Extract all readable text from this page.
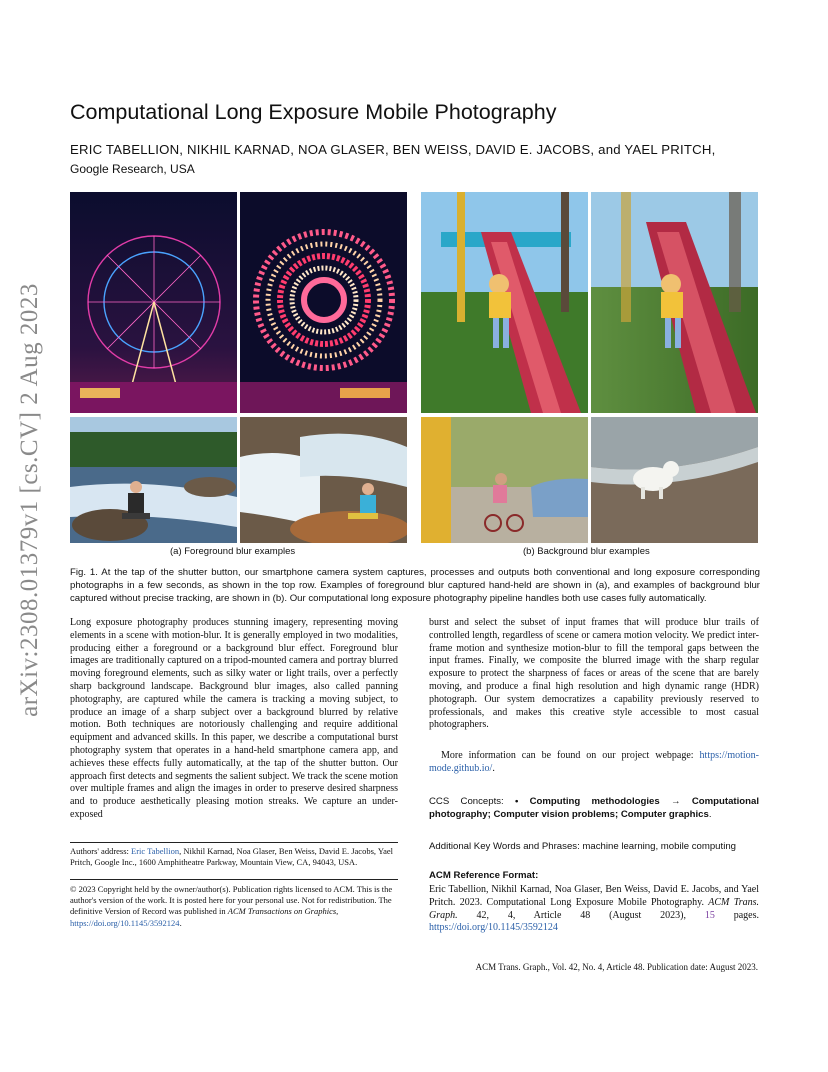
arXiv:2308.01379v1 [cs.CV] 2 Aug 2023
Computational Long Exposure Mobile Photography
ERIC TABELLION, NIKHIL KARNAD, NOA GLASER, BEN WEISS, DAVID E. JACOBS, and YAEL PRITCH,
Google Research, USA
(a) Foreground blur examples	(b) Background blur examples
Fig. 1. At the tap of the shutter button, our smartphone camera system captures, processes and outputs both conventional and long exposure corresponding photographs in a few seconds, as shown in the top row. Examples of foreground blur captured hand-held are shown in (a), and examples of background blur captured without precise tracking, are shown in (b). Our computational long exposure photography pipeline handles both use cases fully automatically.

Long exposure photography produces stunning imagery, representing moving elements in a scene with motion-blur. It is generally employed in two modalities, producing either a foreground or a background blur effect. Foreground blur images are traditionally captured on a tripod-mounted camera and portray blurred moving foreground elements, such as silky water or light trails, over a perfectly sharp background landscape. Background blur images, also called panning photography, are captured while the camera is tracking a moving subject, to produce an image of a sharp subject over a background blurred by relative motion. Both techniques are notoriously challenging and require additional equipment and advanced skills. In this paper, we describe a computational burst photography system that operates in a hand-held smartphone camera app, and achieves these effects fully automatically, at the tap of the shutter button. Our approach first detects and segments the salient subject. We track the scene motion over multiple frames and align the images in order to preserve desired sharpness and to produce aesthetically pleasing motion streaks. We capture an under-exposed

Authors' address: Eric Tabellion, Nikhil Karnad, Noa Glaser, Ben Weiss, David E. Jacobs, Yael Pritch, Google Inc., 1600 Amphitheatre Parkway, Mountain View, CA, 94043, USA.
© 2023 Copyright held by the owner/author(s). Publication rights licensed to ACM. This is the author's version of the work. It is posted here for your personal use. Not for redistribution. The definitive Version of Record was published in ACM Transactions on Graphics, https://doi.org/10.1145/3592124.

burst and select the subset of input frames that will produce blur trails of controlled length, regardless of scene or camera motion velocity. We predict inter-frame motion and synthesize motion-blur to fill the temporal gaps between the input frames. Finally, we composite the blurred image with the sharp regular exposure to protect the sharpness of faces or areas of the scene that are barely moving, and produce a final high resolution and high dynamic range (HDR) photograph. Our system democratizes a capability previously reserved to professionals, and makes this creative style accessible to most casual photographers.

More information can be found on our project webpage: https://motion-mode.github.io/.
CCS Concepts: • Computing methodologies → Computational photography; Computer vision problems; Computer graphics.
Additional Key Words and Phrases: machine learning, mobile computing
ACM Reference Format:
Eric Tabellion, Nikhil Karnad, Noa Glaser, Ben Weiss, David E. Jacobs, and Yael Pritch. 2023. Computational Long Exposure Mobile Photography. ACM Trans. Graph. 42, 4, Article 48 (August 2023), 15 pages. https://doi.org/10.1145/3592124
ACM Trans. Graph., Vol. 42, No. 4, Article 48. Publication date: August 2023.
